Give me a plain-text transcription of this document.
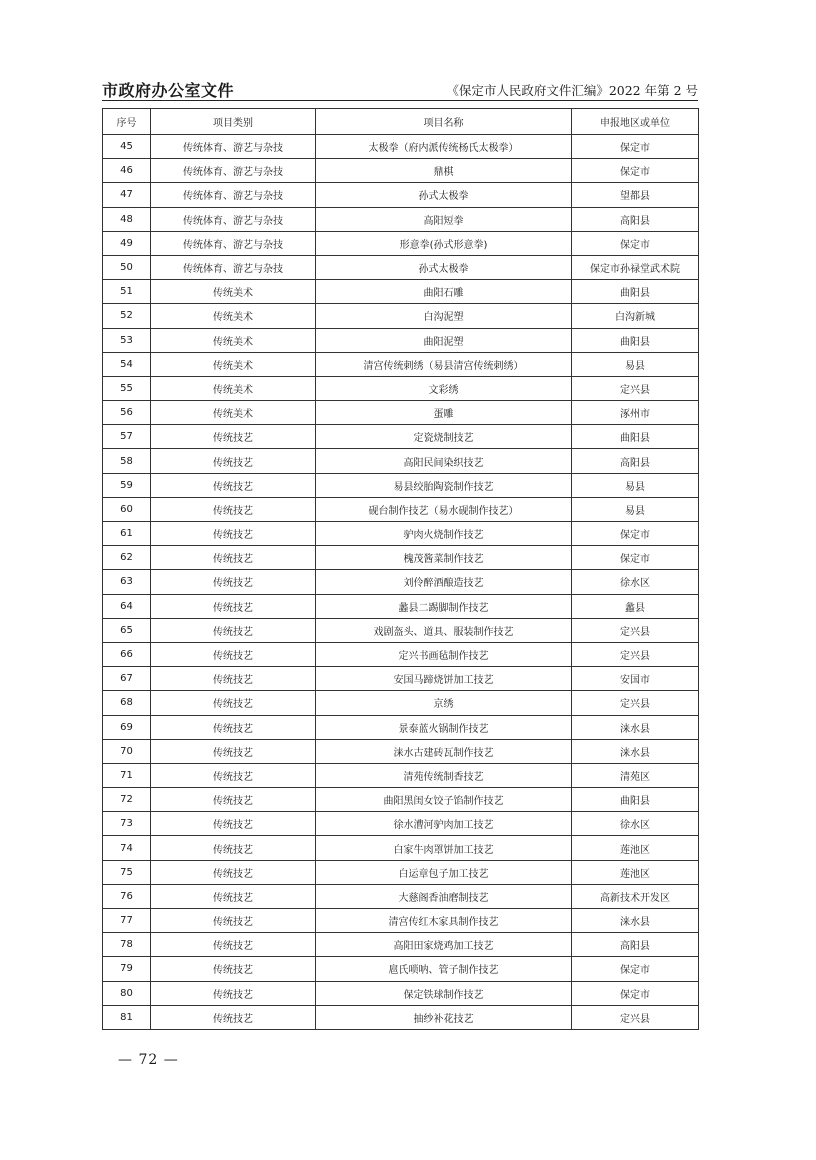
市政府办公室文件	《保定市人民政府文件汇编》2022 年第 2 号
序号	项目类别	项目名称	申报地区或单位
45	传统体育、游艺与杂技	太极拳（府内派传统杨氏太极拳）	保定市
46	传统体育、游艺与杂技	鼎棋	保定市
47	传统体育、游艺与杂技	孙式太极拳	望都县
48	传统体育、游艺与杂技	高阳短拳	高阳县
49	传统体育、游艺与杂技	形意拳(孙式形意拳)	保定市
50	传统体育、游艺与杂技	孙式太极拳	保定市孙禄堂武术院
51	传统美术	曲阳石雕	曲阳县
52	传统美术	白沟泥塑	白沟新城
53	传统美术	曲阳泥塑	曲阳县
54	传统美术	清宫传统刺绣（易县清宫传统刺绣）	易县
55	传统美术	文彩绣	定兴县
56	传统美术	蛋雕	涿州市
57	传统技艺	定瓷烧制技艺	曲阳县
58	传统技艺	高阳民间染织技艺	高阳县
59	传统技艺	易县绞胎陶瓷制作技艺	易县
60	传统技艺	砚台制作技艺（易水砚制作技艺）	易县
61	传统技艺	驴肉火烧制作技艺	保定市
62	传统技艺	槐茂酱菜制作技艺	保定市
63	传统技艺	刘伶醉酒酿造技艺	徐水区
64	传统技艺	蠡县二踢脚制作技艺	蠡县
65	传统技艺	戏剧盔头、道具、服装制作技艺	定兴县
66	传统技艺	定兴书画毡制作技艺	定兴县
67	传统技艺	安国马蹄烧饼加工技艺	安国市
68	传统技艺	京绣	定兴县
69	传统技艺	景泰蓝火锅制作技艺	涞水县
70	传统技艺	涞水古建砖瓦制作技艺	涞水县
71	传统技艺	清苑传统制香技艺	清苑区
72	传统技艺	曲阳黑闺女饺子馅制作技艺	曲阳县
73	传统技艺	徐水漕河驴肉加工技艺	徐水区
74	传统技艺	白家牛肉罩饼加工技艺	莲池区
75	传统技艺	白运章包子加工技艺	莲池区
76	传统技艺	大慈阁香油磨制技艺	高新技术开发区
77	传统技艺	清宫传红木家具制作技艺	涞水县
78	传统技艺	高阳田家烧鸡加工技艺	高阳县
79	传统技艺	扈氏唢呐、管子制作技艺	保定市
80	传统技艺	保定铁球制作技艺	保定市
81	传统技艺	抽纱补花技艺	定兴县
— 72 —
